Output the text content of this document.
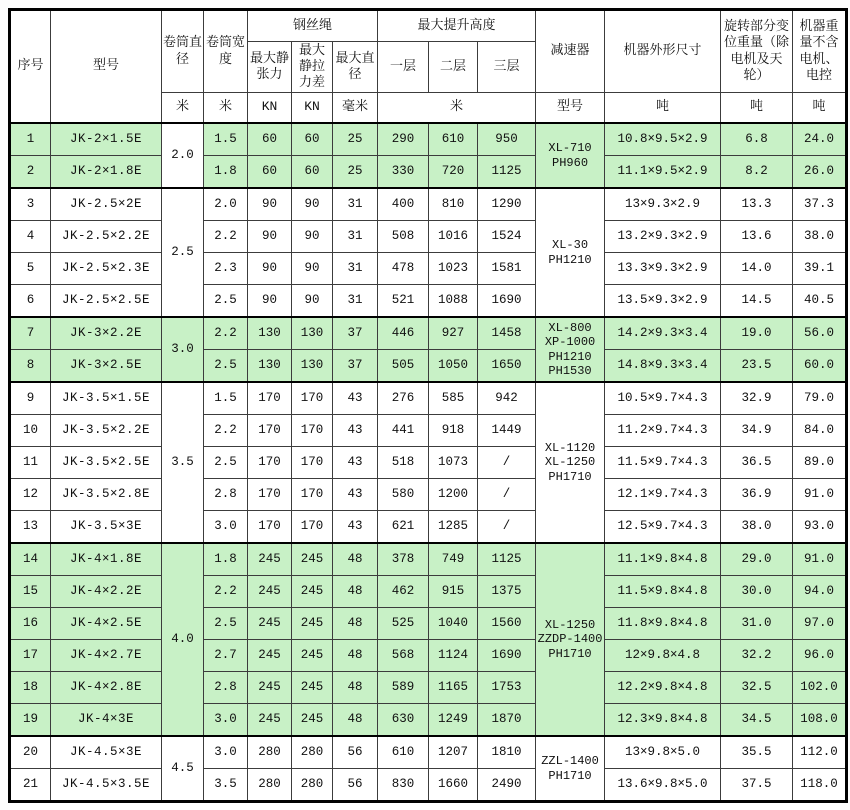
序号	型号	卷筒直径	卷筒宽度	钢丝绳			最大提升高度			减速器	机器外形尺寸	旋转部分变位重量（除电机及天轮）	机器重量不含电机、电控
				最大静张力	最大静拉力差	最大直径	一层	二层	三层				
		米	米	KN	KN	毫米	米			型号	吨	吨	吨
1	JK-2×1.5E	2.0	1.5	60	60	25	290	610	950	XL-710
PH960	10.8×9.5×2.9	6.8	24.0
2	JK-2×1.8E		1.8	60	60	25	330	720	1125		11.1×9.5×2.9	8.2	26.0
3	JK-2.5×2E	2.5	2.0	90	90	31	400	810	1290	XL-30
PH1210	13×9.3×2.9	13.3	37.3
4	JK-2.5×2.2E		2.2	90	90	31	508	1016	1524		13.2×9.3×2.9	13.6	38.0
5	JK-2.5×2.3E		2.3	90	90	31	478	1023	1581		13.3×9.3×2.9	14.0	39.1
6	JK-2.5×2.5E		2.5	90	90	31	521	1088	1690		13.5×9.3×2.9	14.5	40.5
7	JK-3×2.2E	3.0	2.2	130	130	37	446	927	1458	XL-800
XP-1000
PH1210
PH1530	14.2×9.3×3.4	19.0	56.0
8	JK-3×2.5E		2.5	130	130	37	505	1050	1650		14.8×9.3×3.4	23.5	60.0
9	JK-3.5×1.5E	3.5	1.5	170	170	43	276	585	942	XL-1120
XL-1250
PH1710	10.5×9.7×4.3	32.9	79.0
10	JK-3.5×2.2E		2.2	170	170	43	441	918	1449		11.2×9.7×4.3	34.9	84.0
11	JK-3.5×2.5E		2.5	170	170	43	518	1073	/		11.5×9.7×4.3	36.5	89.0
12	JK-3.5×2.8E		2.8	170	170	43	580	1200	/		12.1×9.7×4.3	36.9	91.0
13	JK-3.5×3E		3.0	170	170	43	621	1285	/		12.5×9.7×4.3	38.0	93.0
14	JK-4×1.8E	4.0	1.8	245	245	48	378	749	1125	XL-1250
ZZDP-1400
PH1710	11.1×9.8×4.8	29.0	91.0
15	JK-4×2.2E		2.2	245	245	48	462	915	1375		11.5×9.8×4.8	30.0	94.0
16	JK-4×2.5E		2.5	245	245	48	525	1040	1560		11.8×9.8×4.8	31.0	97.0
17	JK-4×2.7E		2.7	245	245	48	568	1124	1690		12×9.8×4.8	32.2	96.0
18	JK-4×2.8E		2.8	245	245	48	589	1165	1753		12.2×9.8×4.8	32.5	102.0
19	JK-4×3E		3.0	245	245	48	630	1249	1870		12.3×9.8×4.8	34.5	108.0
20	JK-4.5×3E	4.5	3.0	280	280	56	610	1207	1810	ZZL-1400
PH1710	13×9.8×5.0	35.5	112.0
21	JK-4.5×3.5E		3.5	280	280	56	830	1660	2490		13.6×9.8×5.0	37.5	118.0
